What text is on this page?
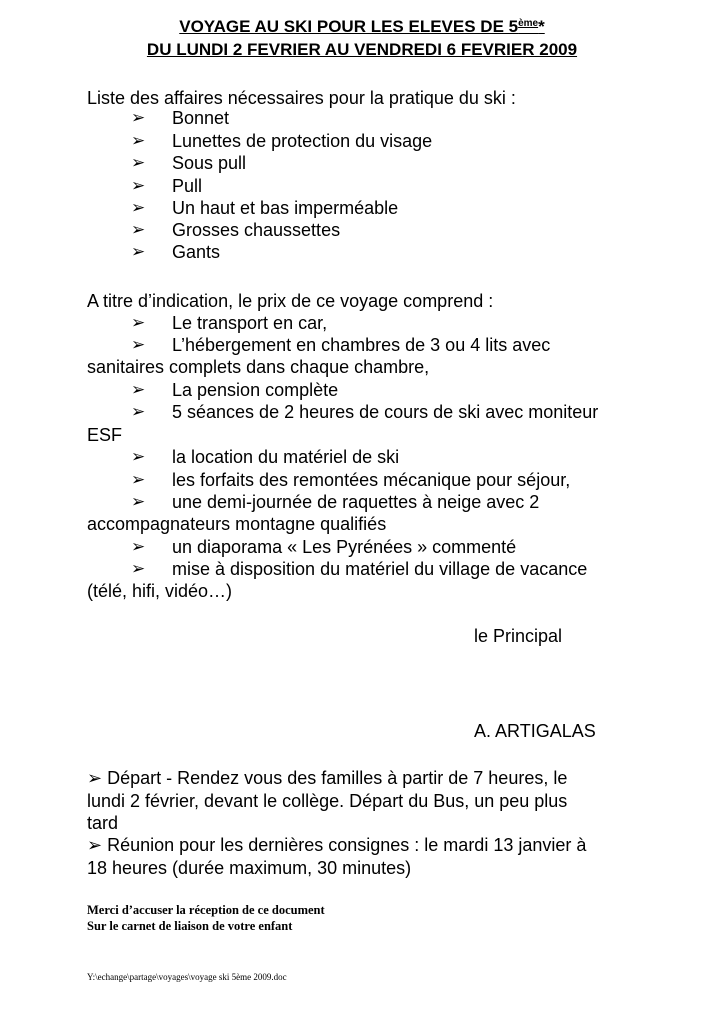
VOYAGE AU SKI POUR LES ELEVES DE 5ème*
DU LUNDI 2 FEVRIER AU VENDREDI 6 FEVRIER 2009
Liste des affaires nécessaires pour la pratique du ski :
➢ Bonnet
➢ Lunettes de protection du visage
➢ Sous pull
➢ Pull
➢ Un haut et bas imperméable
➢ Grosses chaussettes
➢ Gants
A titre d’indication, le prix de ce voyage comprend :
➢ Le transport en car,
➢ L’hébergement en chambres de 3 ou 4 lits avec
sanitaires complets dans chaque chambre,
➢ La pension complète
➢ 5 séances de 2 heures de cours de ski avec moniteur
ESF
➢ la location du matériel de ski
➢ les forfaits des remontées mécanique pour séjour,
➢ une demi-journée de raquettes à neige avec 2
accompagnateurs montagne qualifiés
➢ un diaporama « Les Pyrénées » commenté
➢ mise à disposition du matériel du village de vacance
(télé, hifi, vidéo…)
le Principal
A. ARTIGALAS
➢ Départ - Rendez vous des familles à partir de 7 heures, le
lundi 2 février, devant le collège. Départ du Bus, un peu plus
tard
➢ Réunion pour les dernières consignes : le mardi 13 janvier à
18 heures (durée maximum, 30 minutes)
Merci d’accuser la réception de ce document
Sur le carnet de liaison de votre enfant
Y:\echange\partage\voyages\voyage ski 5ème 2009.doc
